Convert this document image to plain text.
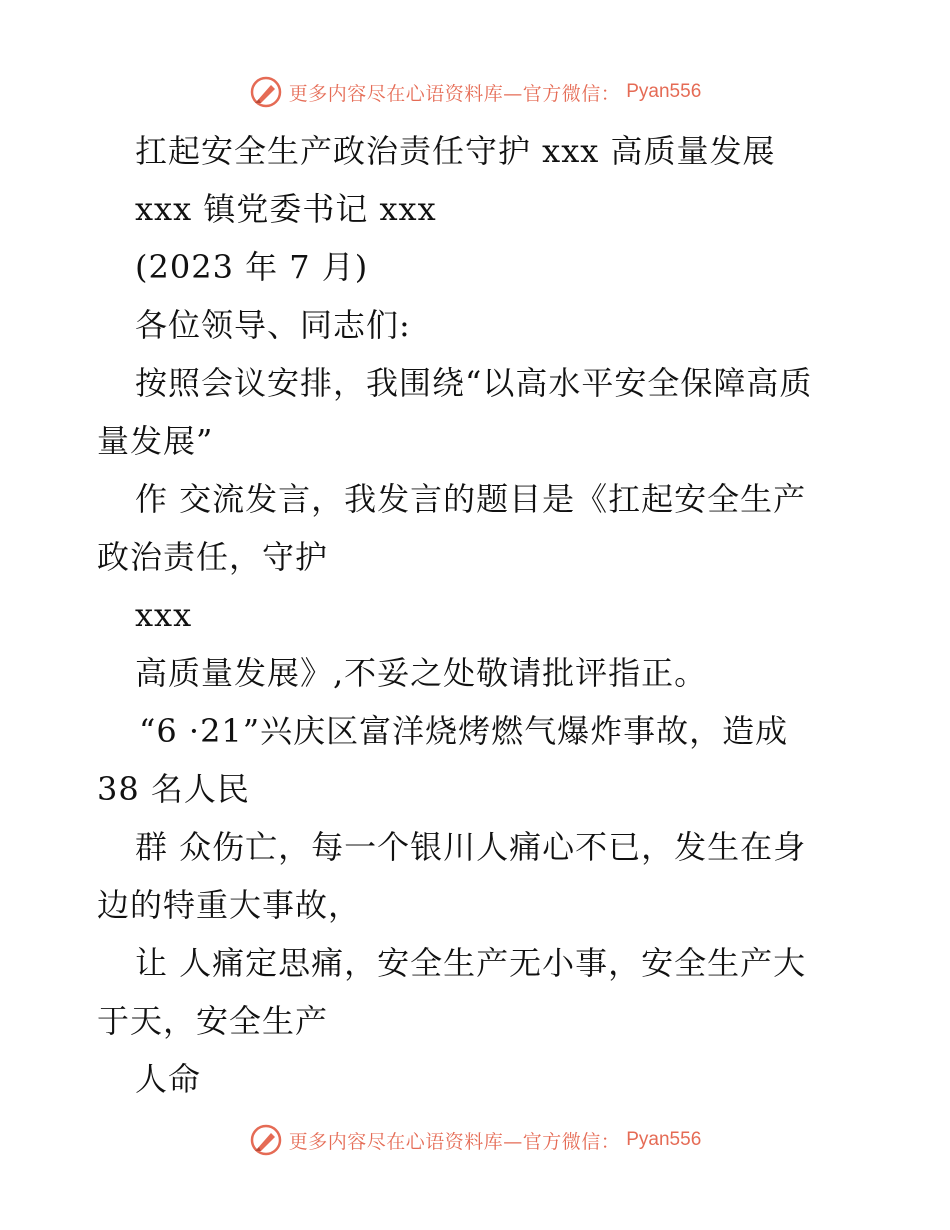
更多内容尽在心语资料库—官方微信： Pyan556
扛起安全生产政治责任守护 xxx 高质量发展
xxx 镇党委书记 xxx
(2023 年 7 月)
各位领导、同志们:
按照会议安排，我围绕“以高水平安全保障高质
量发展”
作 交流发言，我发言的题目是《扛起安全生产
政治责任，守护
xxx
高质量发展》,不妥之处敬请批评指正。
“6 ·21”兴庆区富洋烧烤燃气爆炸事故，造成
38 名人民
群 众伤亡，每一个银川人痛心不已，发生在身
边的特重大事故，
让 人痛定思痛，安全生产无小事，安全生产大
于天，安全生产
人命
更多内容尽在心语资料库—官方微信： Pyan556
